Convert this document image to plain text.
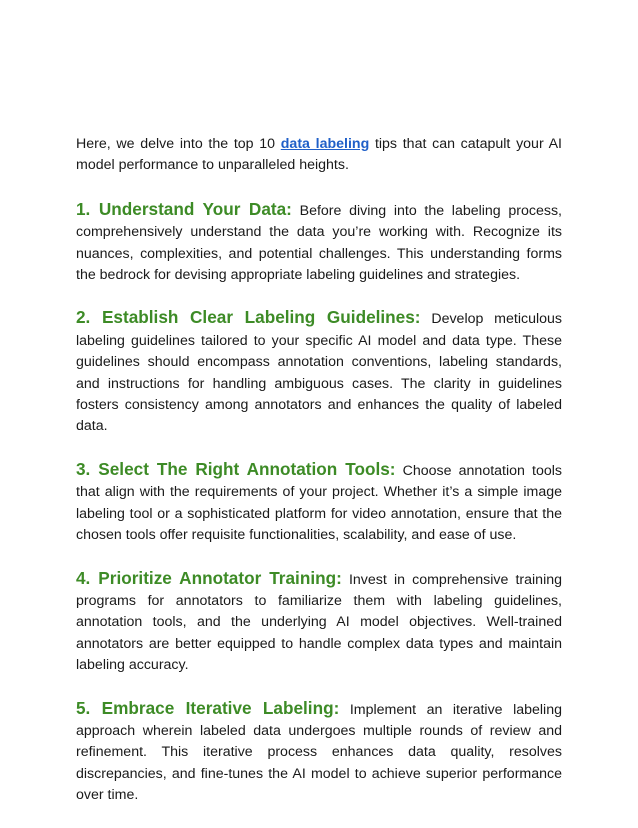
Here, we delve into the top 10 data labeling tips that can catapult your AI model performance to unparalleled heights.

1. Understand Your Data: Before diving into the labeling process, comprehensively understand the data you’re working with. Recognize its nuances, complexities, and potential challenges. This understanding forms the bedrock for devising appropriate labeling guidelines and strategies.

2. Establish Clear Labeling Guidelines: Develop meticulous labeling guidelines tailored to your specific AI model and data type. These guidelines should encompass annotation conventions, labeling standards, and instructions for handling ambiguous cases. The clarity in guidelines fosters consistency among annotators and enhances the quality of labeled data.

3. Select The Right Annotation Tools: Choose annotation tools that align with the requirements of your project. Whether it’s a simple image labeling tool or a sophisticated platform for video annotation, ensure that the chosen tools offer requisite functionalities, scalability, and ease of use.

4. Prioritize Annotator Training: Invest in comprehensive training programs for annotators to familiarize them with labeling guidelines, annotation tools, and the underlying AI model objectives. Well-trained annotators are better equipped to handle complex data types and maintain labeling accuracy.

5. Embrace Iterative Labeling: Implement an iterative labeling approach wherein labeled data undergoes multiple rounds of review and refinement. This iterative process enhances data quality, resolves discrepancies, and fine-tunes the AI model to achieve superior performance over time.
